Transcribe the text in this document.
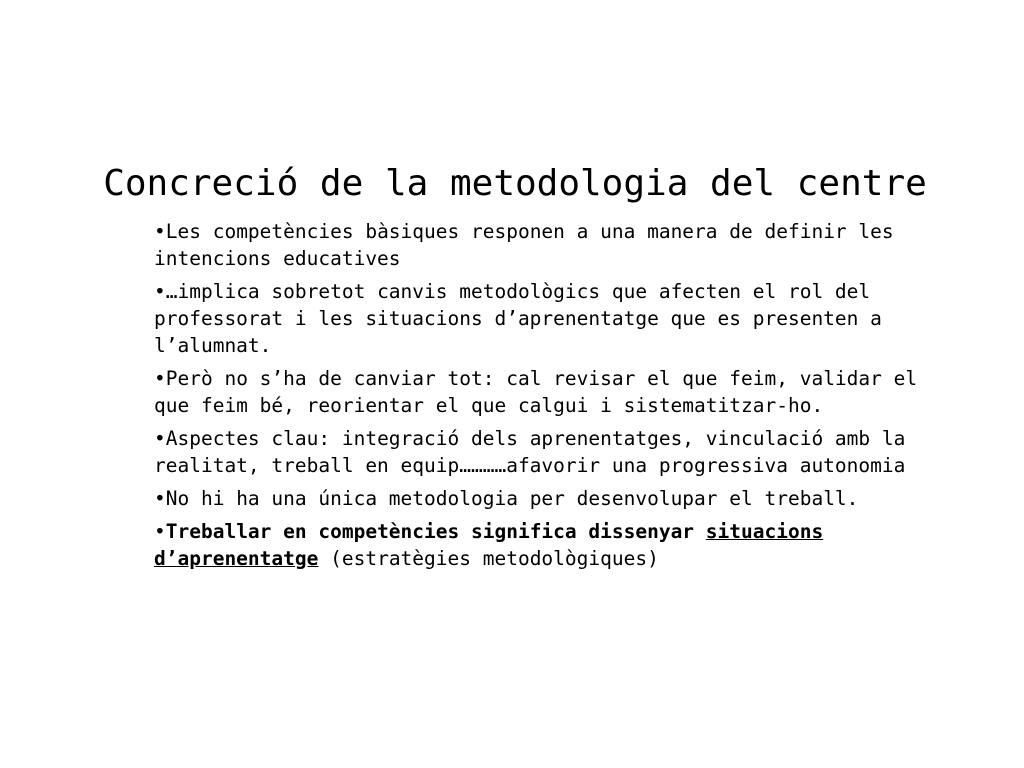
Concreció de la metodologia del centre
•Les competències bàsiques responen a una manera de definir les intencions educatives
•…implica sobretot canvis metodològics que afecten el rol del professorat i les situacions d’aprenentatge que es presenten a l’alumnat.
•Però no s’ha de canviar tot: cal revisar el que feim, validar el que feim bé, reorientar el que calgui i sistematitzar-ho.
•Aspectes clau: integració dels aprenentatges, vinculació amb la realitat, treball en equip…………afavorir una progressiva autonomia
•No hi ha una única metodologia per desenvolupar el treball.
•Treballar en competències significa dissenyar situacions d’aprenentatge (estratègies metodològiques)
